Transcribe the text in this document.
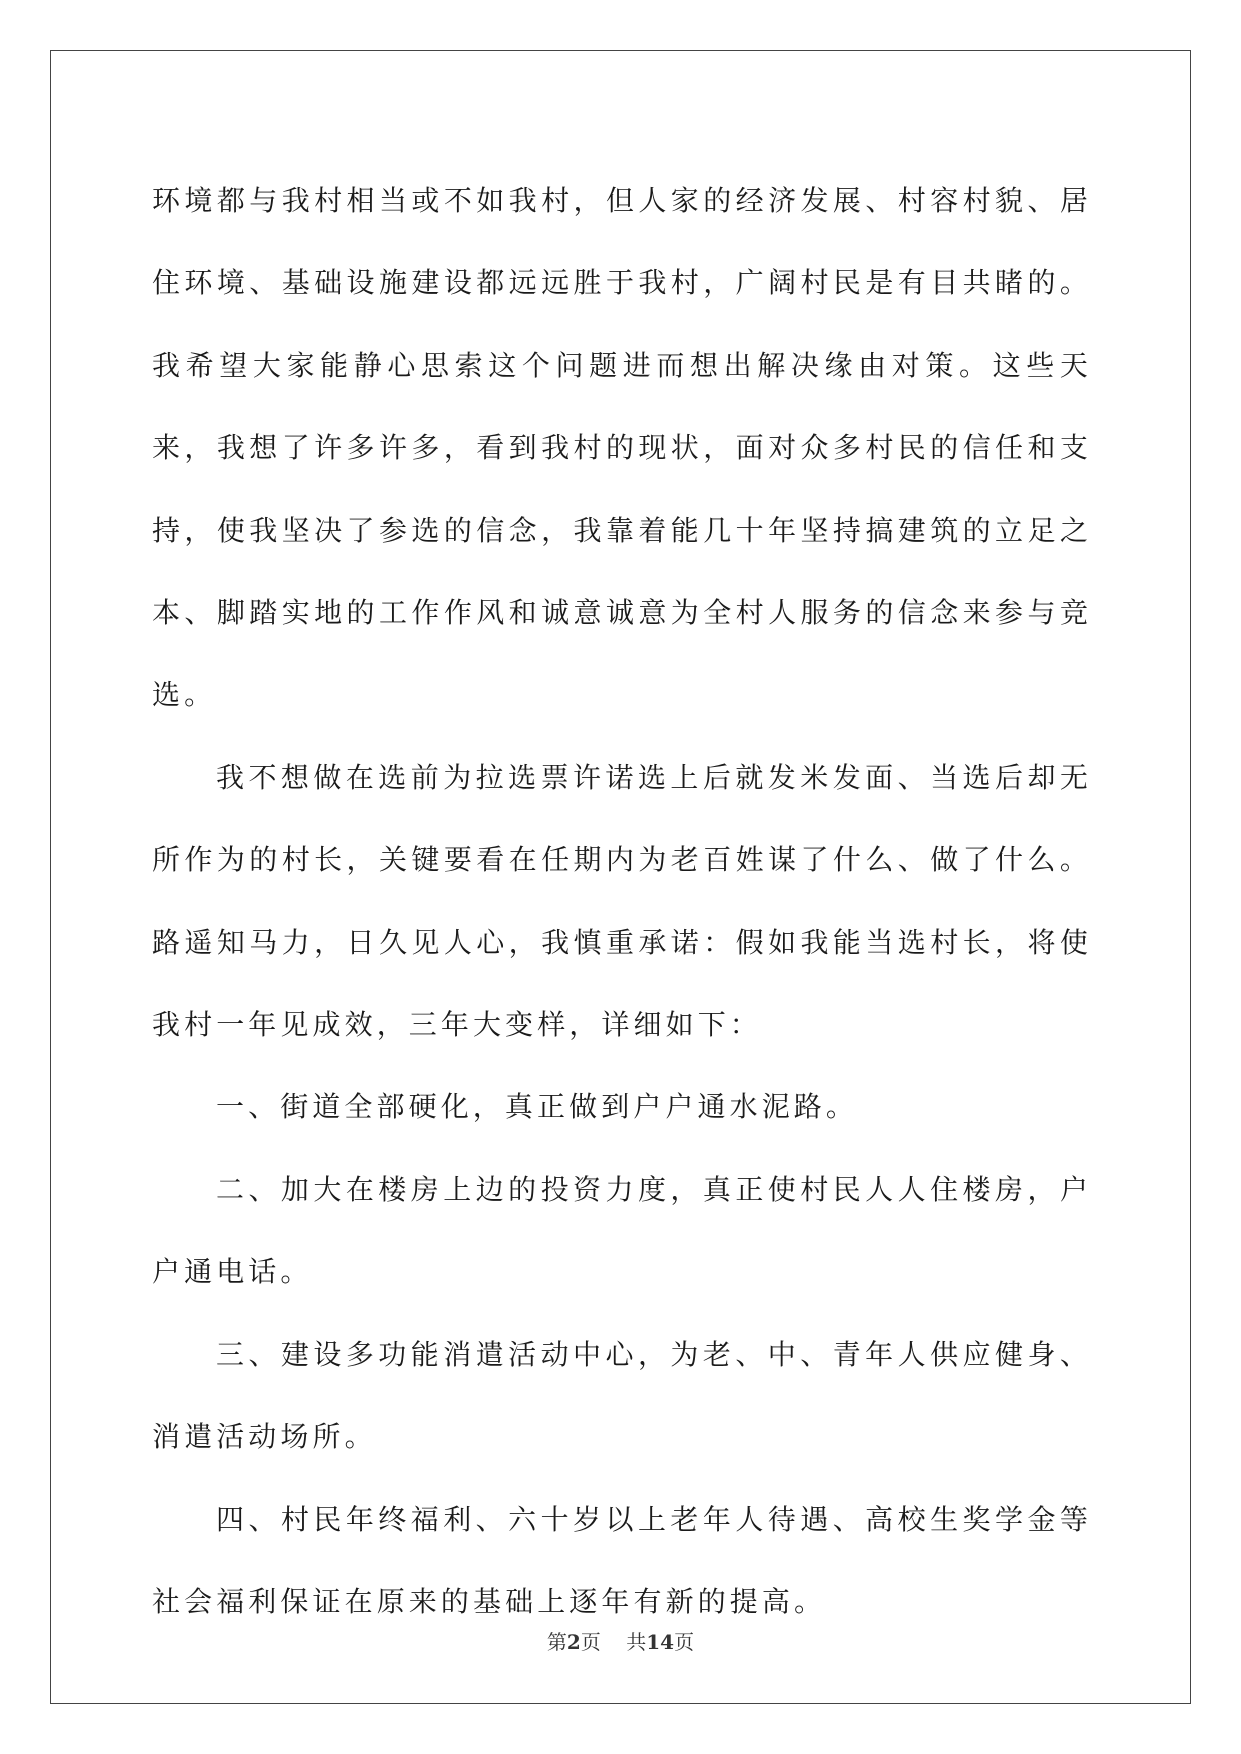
环境都与我村相当或不如我村，但人家的经济发展、村容村貌、居住环境、基础设施建设都远远胜于我村，广阔村民是有目共睹的。我希望大家能静心思索这个问题进而想出解决缘由对策。这些天来，我想了许多许多，看到我村的现状，面对众多村民的信任和支持，使我坚决了参选的信念，我靠着能几十年坚持搞建筑的立足之本、脚踏实地的工作作风和诚意诚意为全村人服务的信念来参与竞选。

我不想做在选前为拉选票许诺选上后就发米发面、当选后却无所作为的村长，关键要看在任期内为老百姓谋了什么、做了什么。路遥知马力，日久见人心，我慎重承诺：假如我能当选村长，将使我村一年见成效，三年大变样，详细如下：

一、街道全部硬化，真正做到户户通水泥路。

二、加大在楼房上边的投资力度，真正使村民人人住楼房，户户通电话。

三、建设多功能消遣活动中心，为老、中、青年人供应健身、消遣活动场所。

四、村民年终福利、六十岁以上老年人待遇、高校生奖学金等社会福利保证在原来的基础上逐年有新的提高。

第2页 共14页
